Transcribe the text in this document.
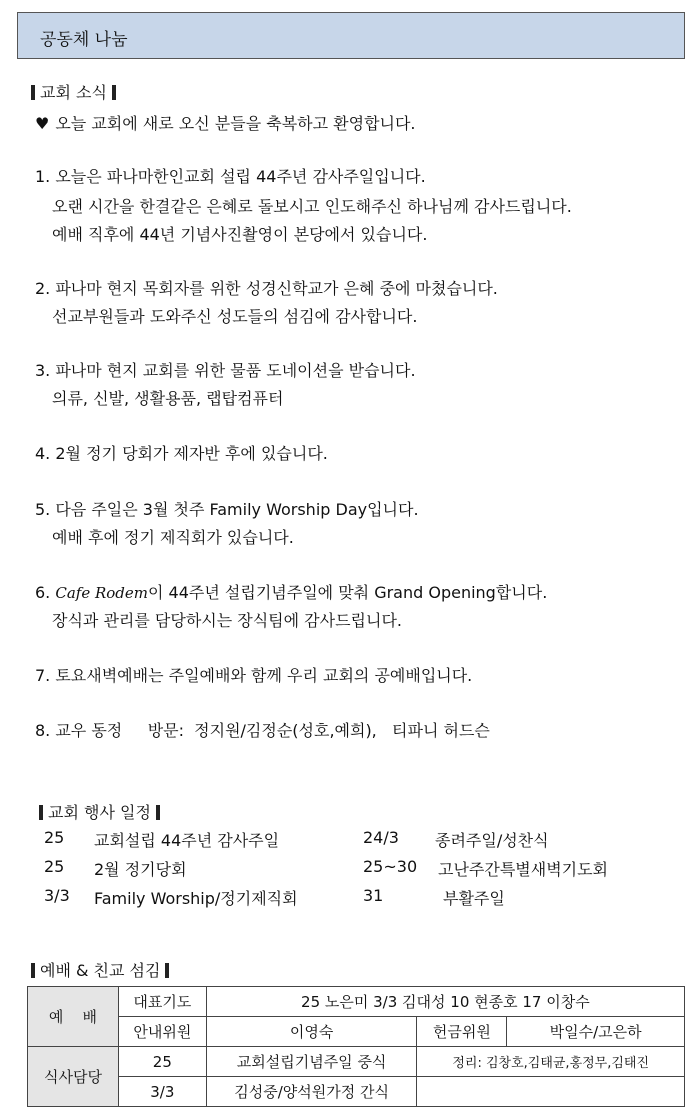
공동체 나눔
교회 소식
♥ 오늘 교회에 새로 오신 분들을 축복하고 환영합니다.
1. 오늘은 파나마한인교회 설립 44주년 감사주일입니다.
오랜 시간을 한결같은 은혜로 돌보시고 인도해주신 하나님께 감사드립니다.
예배 직후에 44년 기념사진촬영이 본당에서 있습니다.
2. 파나마 현지 목회자를 위한 성경신학교가 은혜 중에 마쳤습니다.
선교부원들과 도와주신 성도들의 섬김에 감사합니다.
3. 파나마 현지 교회를 위한 물품 도네이션을 받습니다.
의류, 신발, 생활용품, 랩탑컴퓨터
4. 2월 정기 당회가 제자반 후에 있습니다.
5. 다음 주일은 3월 첫주 Family Worship Day입니다.
예배 후에 정기 제직회가 있습니다.
6. Cafe Rodem이 44주년 설립기념주일에 맞춰 Grand Opening합니다.
장식과 관리를 담당하시는 장식팀에 감사드립니다.
7. 토요새벽예배는 주일예배와 함께 우리 교회의 공예배입니다.
8. 교우 동정     방문:  정지원/김정순(성호,예희),   티파니 허드슨
교회 행사 일정
25 교회설립 44주년 감사주일	24/3 종려주일/성찬식
25 2월 정기당회	25~30 고난주간특별새벽기도회
3/3 Family Worship/정기제직회	31	부활주일
예배 & 친교 섬김
예    배	대표기도	25 노은미 3/3 김대성 10 현종호 17 이창수		
	안내위원	이영숙	헌금위원	박일수/고은하
식사담당	25	교회설립기념주일 중식	정리: 김창호,김태균,홍정무,김태진	
	3/3	김성중/양석원가정 간식		
